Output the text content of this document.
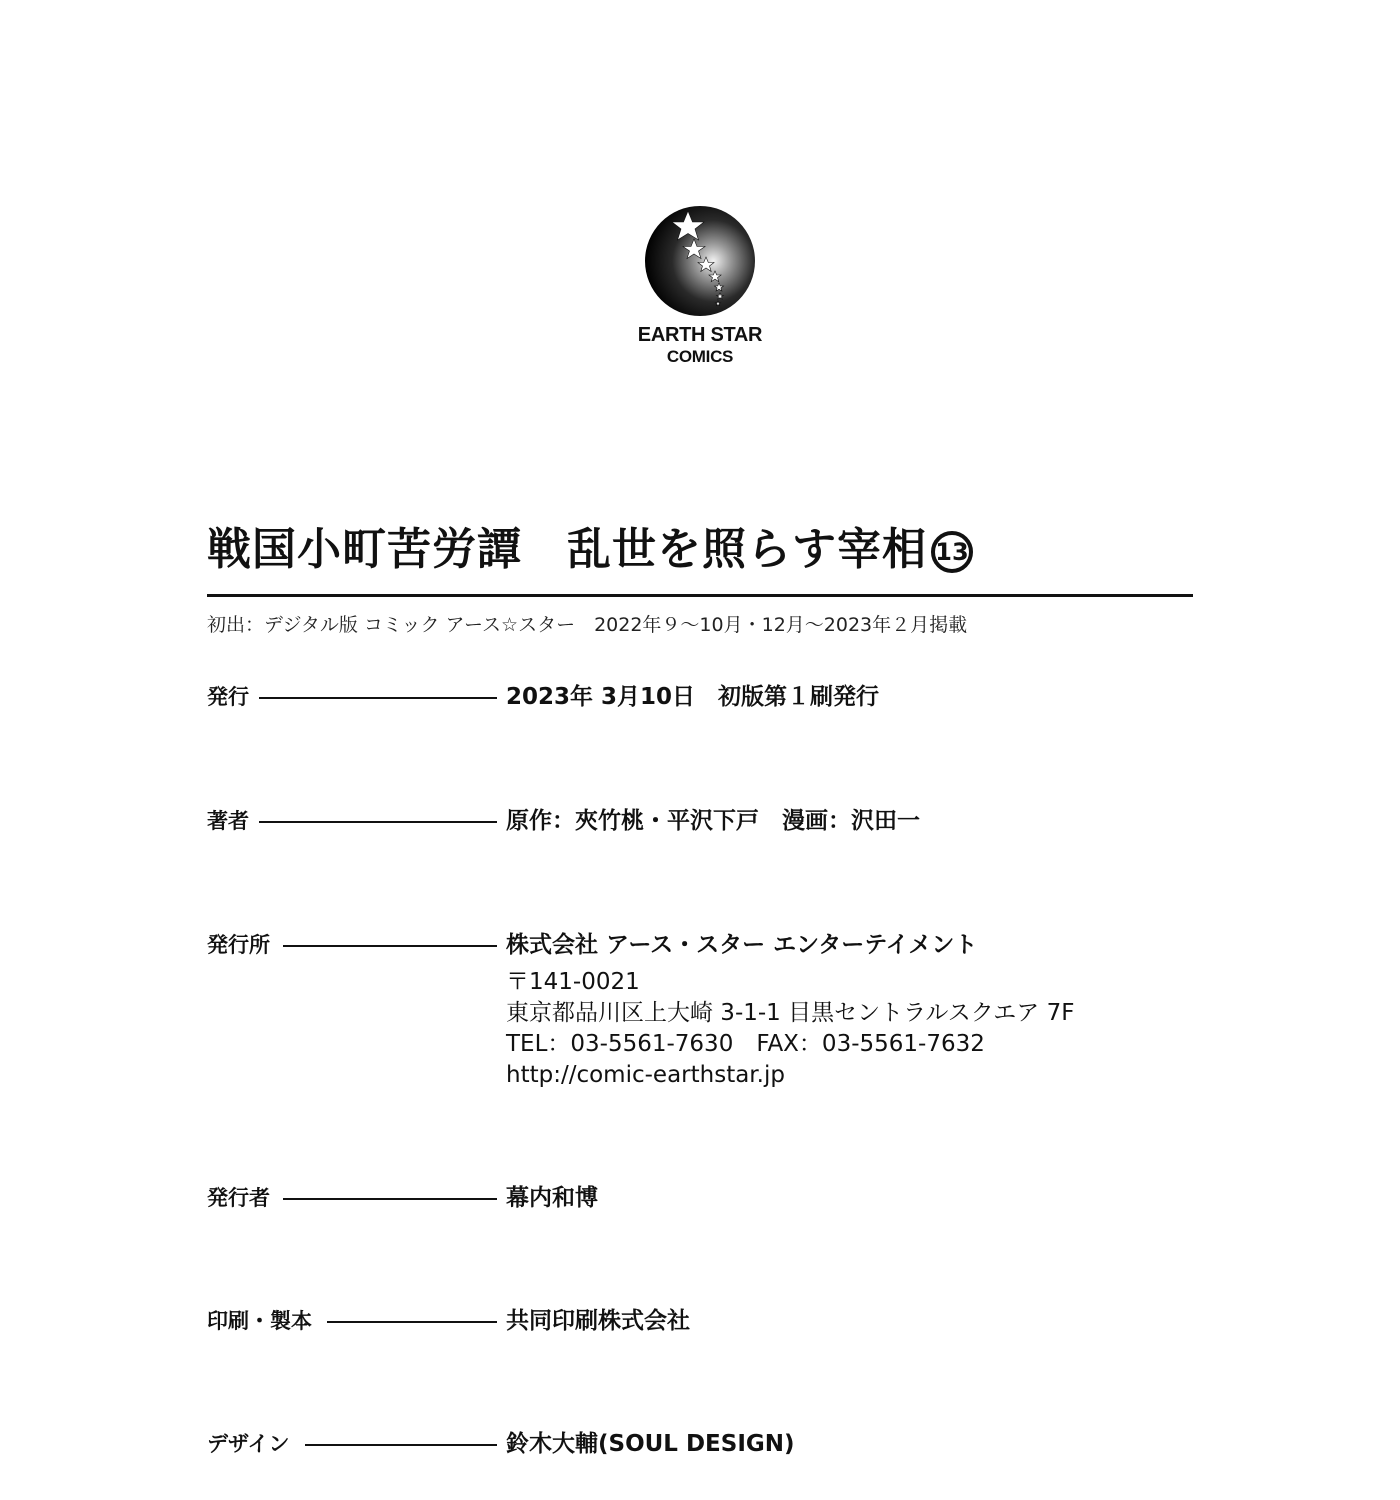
EARTH STAR
COMICS
戦国小町苦労譚　乱世を照らす宰相 13
初出：デジタル版 コミック アース☆スター　2022年９～10月・12月～2023年２月掲載
発行	2023年 3月10日　初版第１刷発行
著者	原作：夾竹桃・平沢下戸　漫画：沢田一
発行所	株式会社 アース・スター エンターテイメント
〒141-0021
東京都品川区上大崎 3-1-1 目黒セントラルスクエア 7F
TEL：03-5561-7630　FAX：03-5561-7632
http://comic-earthstar.jp
発行者	幕内和博
印刷・製本	共同印刷株式会社
デザイン	鈴木大輔(SOUL DESIGN)
